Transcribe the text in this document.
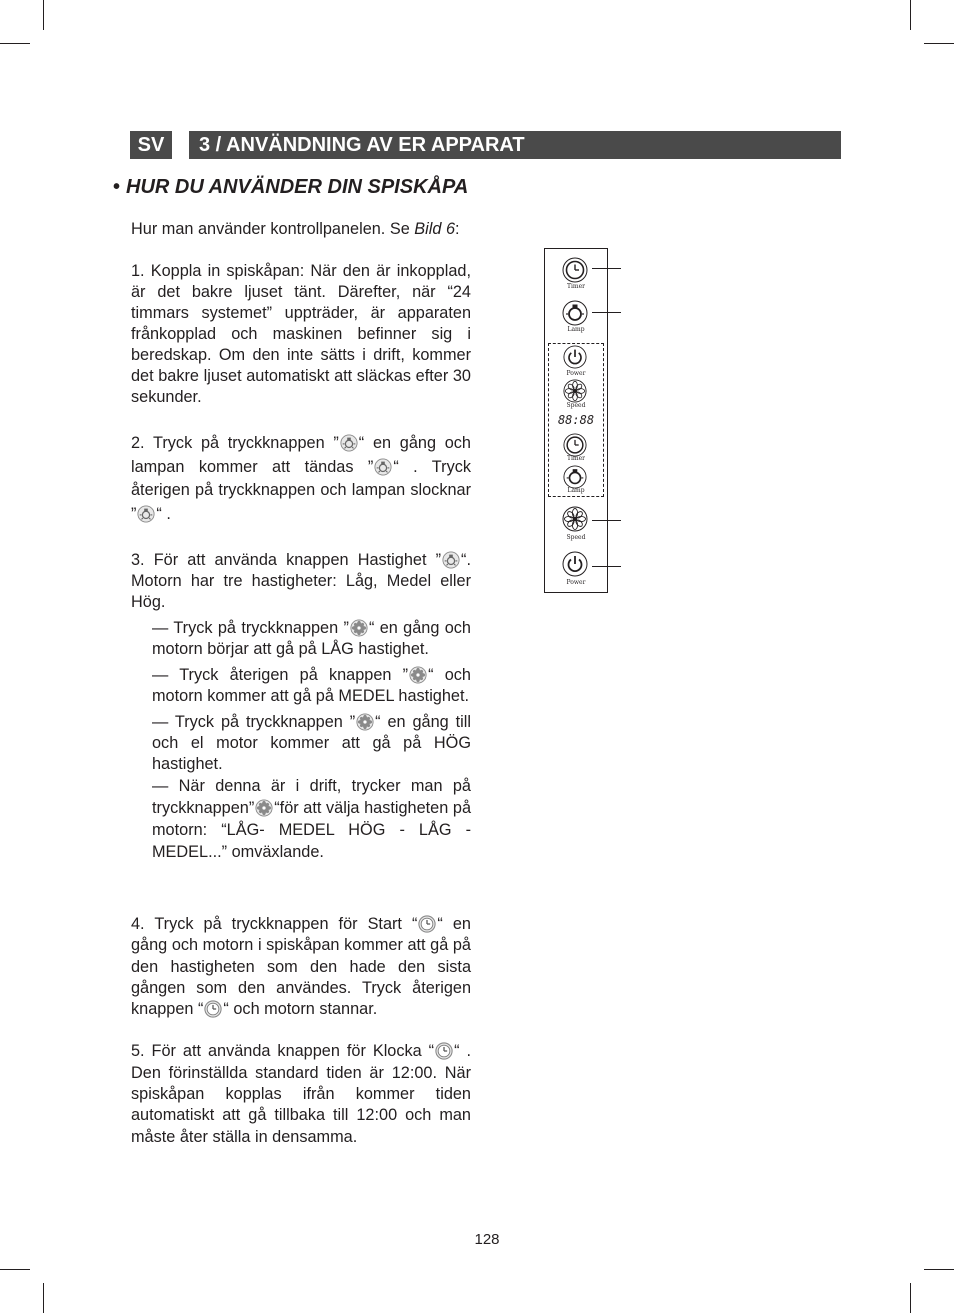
SV	3 / ANVÄNDNING AV ER APPARAT
• HUR DU ANVÄNDER DIN SPISKÅPA

Hur man använder kontrollpanelen. Se Bild 6:

1. Koppla in spiskåpan: När den är inkopplad, är det bakre ljuset tänt. Därefter, när “24 timmars systemet” uppträder, är apparaten frånkopplad och maskinen befinner sig i beredskap. Om den inte sätts i drift, kommer det bakre ljuset automatiskt att släckas efter 30 sekunder.

2. Tryck på tryckknappen ” “ en gång och lampan kommer att tändas ” “ . Tryck återigen på tryckknappen och lampan slocknar ” “ .

3. För att använda knappen Hastighet ” “. Motorn har tre hastigheter: Låg, Medel eller Hög.

— Tryck på tryckknappen ” “ en gång och motorn börjar att gå på LÅG hastighet.

— Tryck återigen på knappen ” “ och motorn kommer att gå på MEDEL hastighet.

— Tryck på tryckknappen ” “ en gång till och el motor kommer att gå på HÖG hastighet.

— När denna är i drift, trycker man på tryckknappen” “för att välja hastigheten på motorn: “LÅG- MEDEL HÖG - LÅG - MEDEL...” omväxlande.

4. Tryck på tryckknappen för Start “ “ en gång och motorn i spiskåpan kommer att gå på den hastigheten som den hade den sista gången som den användes. Tryck återigen knappen “ “ och motorn stannar.

5. För att använda knappen för Klocka “ “ . Den förinställda standard tiden är 12:00. När spiskåpan kopplas ifrån kommer tiden automatiskt att gå tillbaka till 12:00 och man måste åter ställa in densamma.

Timer
Lamp
Power
Speed
88:88
Timer
Lamp
Speed
Power
128
